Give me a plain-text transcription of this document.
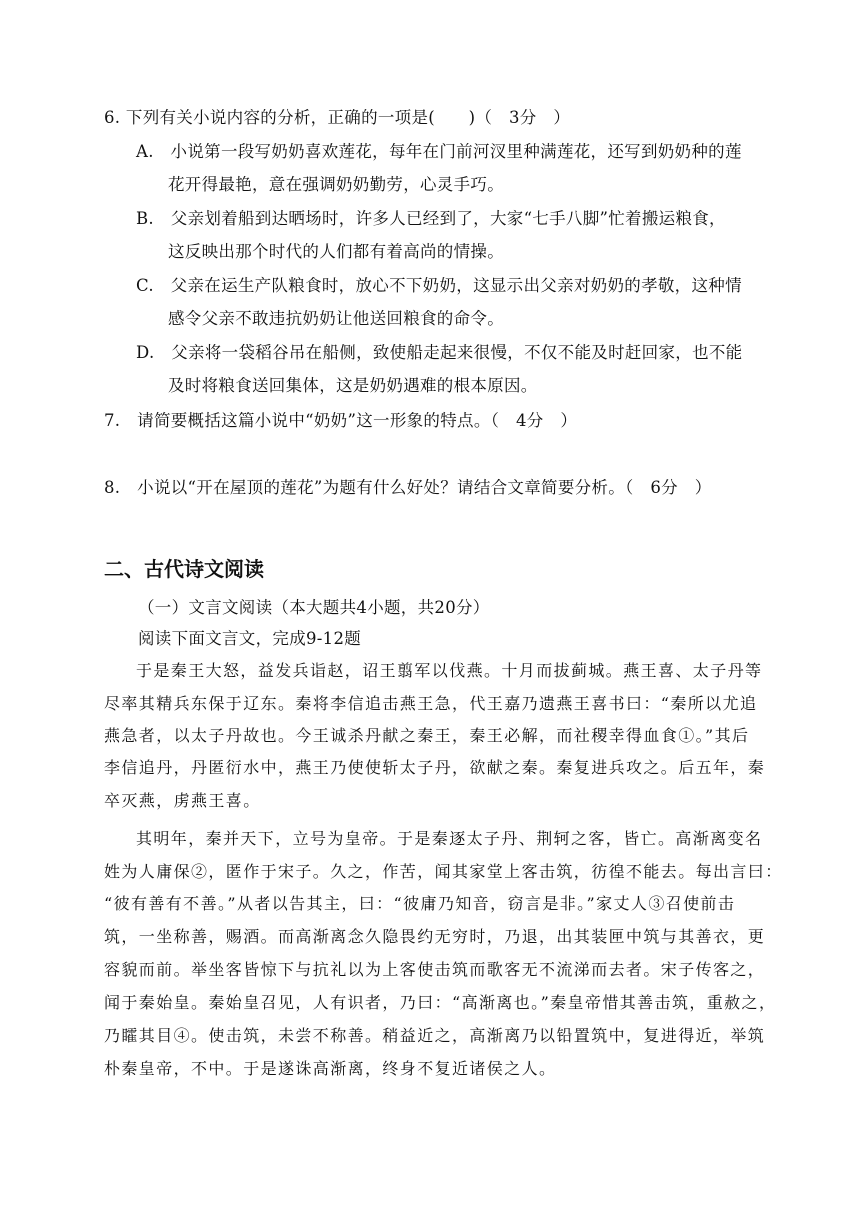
6. 下列有关小说内容的分析，正确的一项是(　　)（　3分　）
A.　小说第一段写奶奶喜欢莲花，每年在门前河汊里种满莲花，还写到奶奶种的莲
花开得最艳，意在强调奶奶勤劳，心灵手巧。
B.　父亲划着船到达晒场时，许多人已经到了，大家“七手八脚”忙着搬运粮食，
这反映出那个时代的人们都有着高尚的情操。
C.　父亲在运生产队粮食时，放心不下奶奶，这显示出父亲对奶奶的孝敬，这种情
感令父亲不敢违抗奶奶让他送回粮食的命令。
D.　父亲将一袋稻谷吊在船侧，致使船走起来很慢，不仅不能及时赶回家，也不能
及时将粮食送回集体，这是奶奶遇难的根本原因。
7.　请简要概括这篇小说中“奶奶”这一形象的特点。（　4分　）
8.　小说以“开在屋顶的莲花”为题有什么好处？请结合文章简要分析。（　6分　）
二、古代诗文阅读
（一）文言文阅读（本大题共4小题，共20分）
阅读下面文言文，完成9-12题
于是秦王大怒，益发兵诣赵，诏王翦军以伐燕。十月而拔蓟城。燕王喜、太子丹等
尽率其精兵东保于辽东。秦将李信追击燕王急，代王嘉乃遗燕王喜书曰：“秦所以尤追
燕急者，以太子丹故也。今王诚杀丹献之秦王，秦王必解，而社稷幸得血食①。”其后
李信追丹，丹匿衍水中，燕王乃使使斩太子丹，欲献之秦。秦复进兵攻之。后五年，秦
卒灭燕，虏燕王喜。
其明年，秦并天下，立号为皇帝。于是秦逐太子丹、荆轲之客，皆亡。高渐离变名
姓为人庸保②，匿作于宋子。久之，作苦，闻其家堂上客击筑，彷徨不能去。每出言曰：
“彼有善有不善。”从者以告其主，曰：“彼庸乃知音，窃言是非。”家丈人③召使前击
筑，一坐称善，赐酒。而高渐离念久隐畏约无穷时，乃退，出其装匣中筑与其善衣，更
容貌而前。举坐客皆惊下与抗礼以为上客使击筑而歌客无不流涕而去者。宋子传客之，
闻于秦始皇。秦始皇召见，人有识者，乃曰：“高渐离也。”秦皇帝惜其善击筑，重赦之，
乃矐其目④。使击筑，未尝不称善。稍益近之，高渐离乃以铅置筑中，复进得近，举筑
朴秦皇帝，不中。于是遂诛高渐离，终身不复近诸侯之人。
